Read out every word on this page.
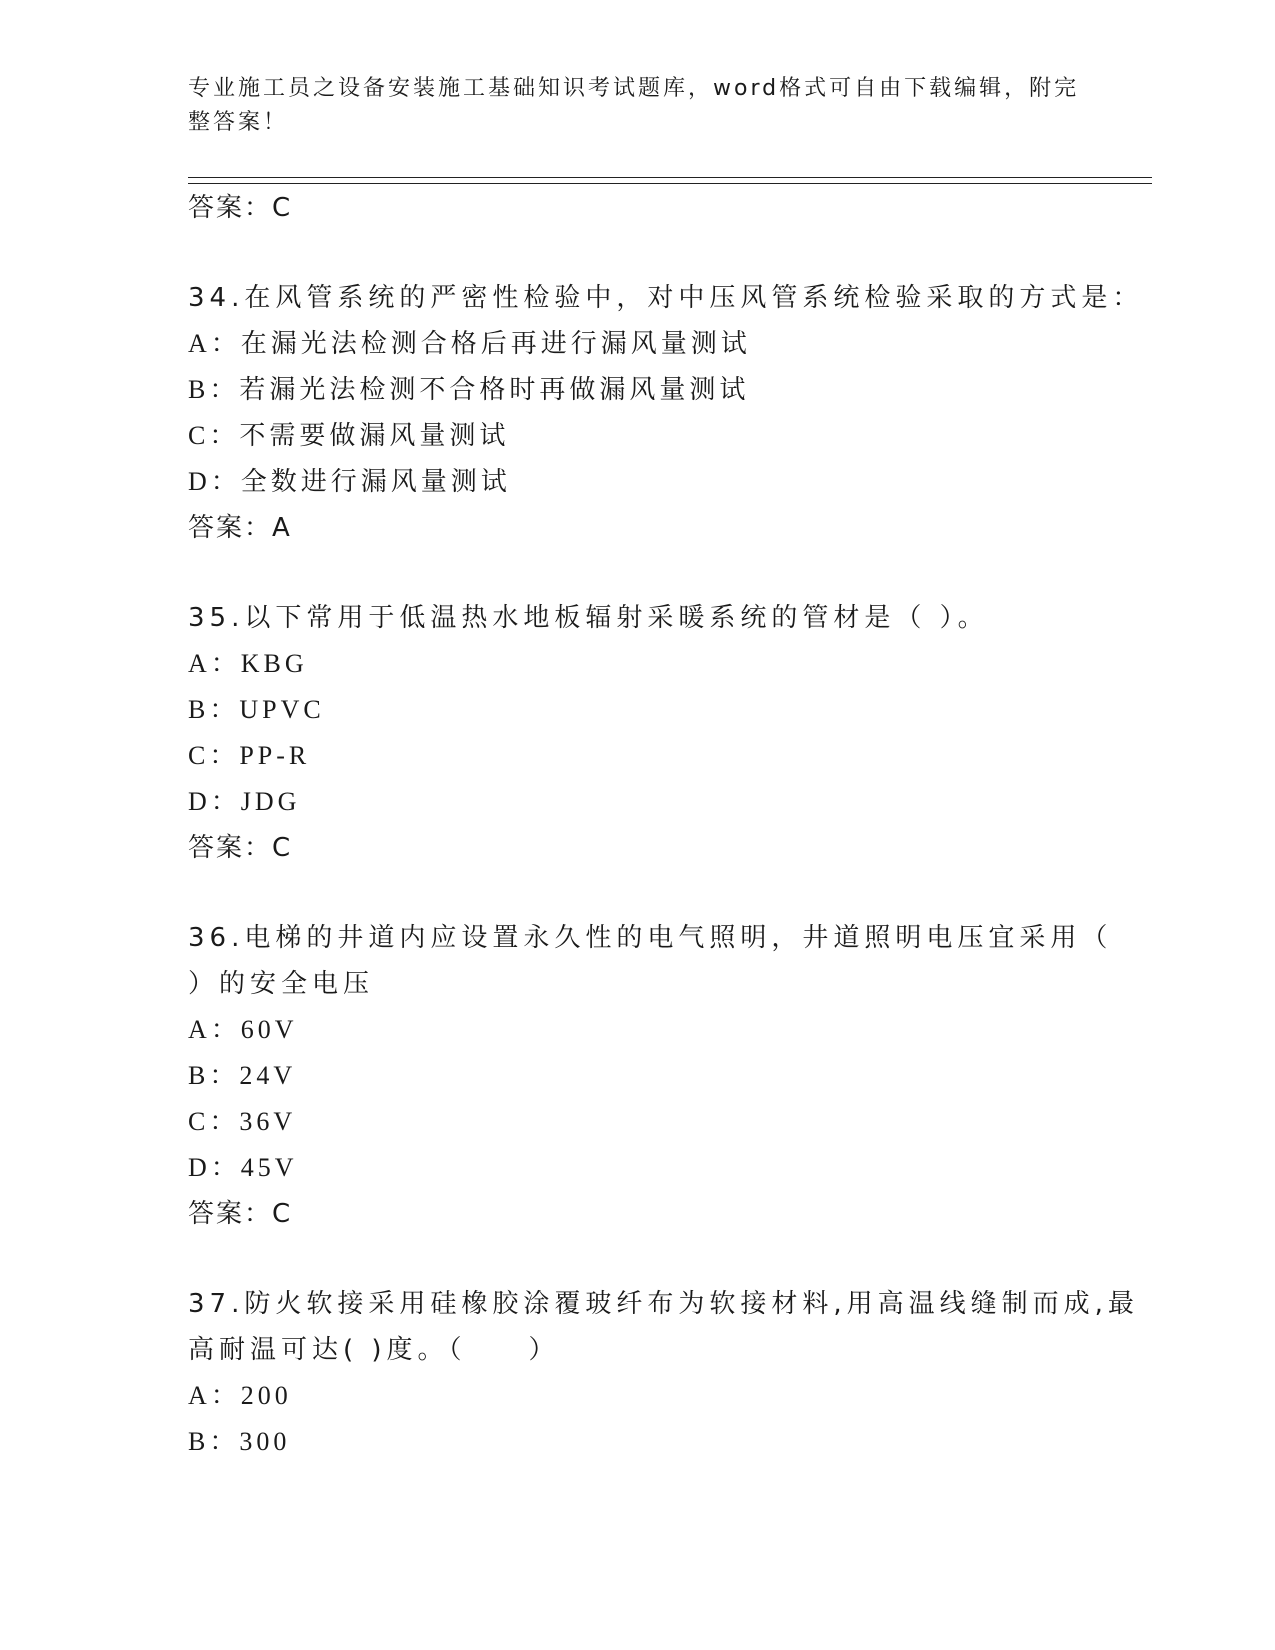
专业施工员之设备安装施工基础知识考试题库，word格式可自由下载编辑，附完
整答案！
答案：C
34.在风管系统的严密性检验中，对中压风管系统检验采取的方式是：
A：在漏光法检测合格后再进行漏风量测试
B：若漏光法检测不合格时再做漏风量测试
C：不需要做漏风量测试
D：全数进行漏风量测试
答案：A
35.以下常用于低温热水地板辐射采暖系统的管材是（ ）。
A：KBG
B：UPVC
C：PP-R
D：JDG
答案：C
36.电梯的井道内应设置永久性的电气照明，井道照明电压宜采用（
）的安全电压
A：60V
B：24V
C：36V
D：45V
答案：C
37.防火软接采用硅橡胶涂覆玻纤布为软接材料,用高温线缝制而成,最
高耐温可达( )度。（　　）
A：200
B：300
